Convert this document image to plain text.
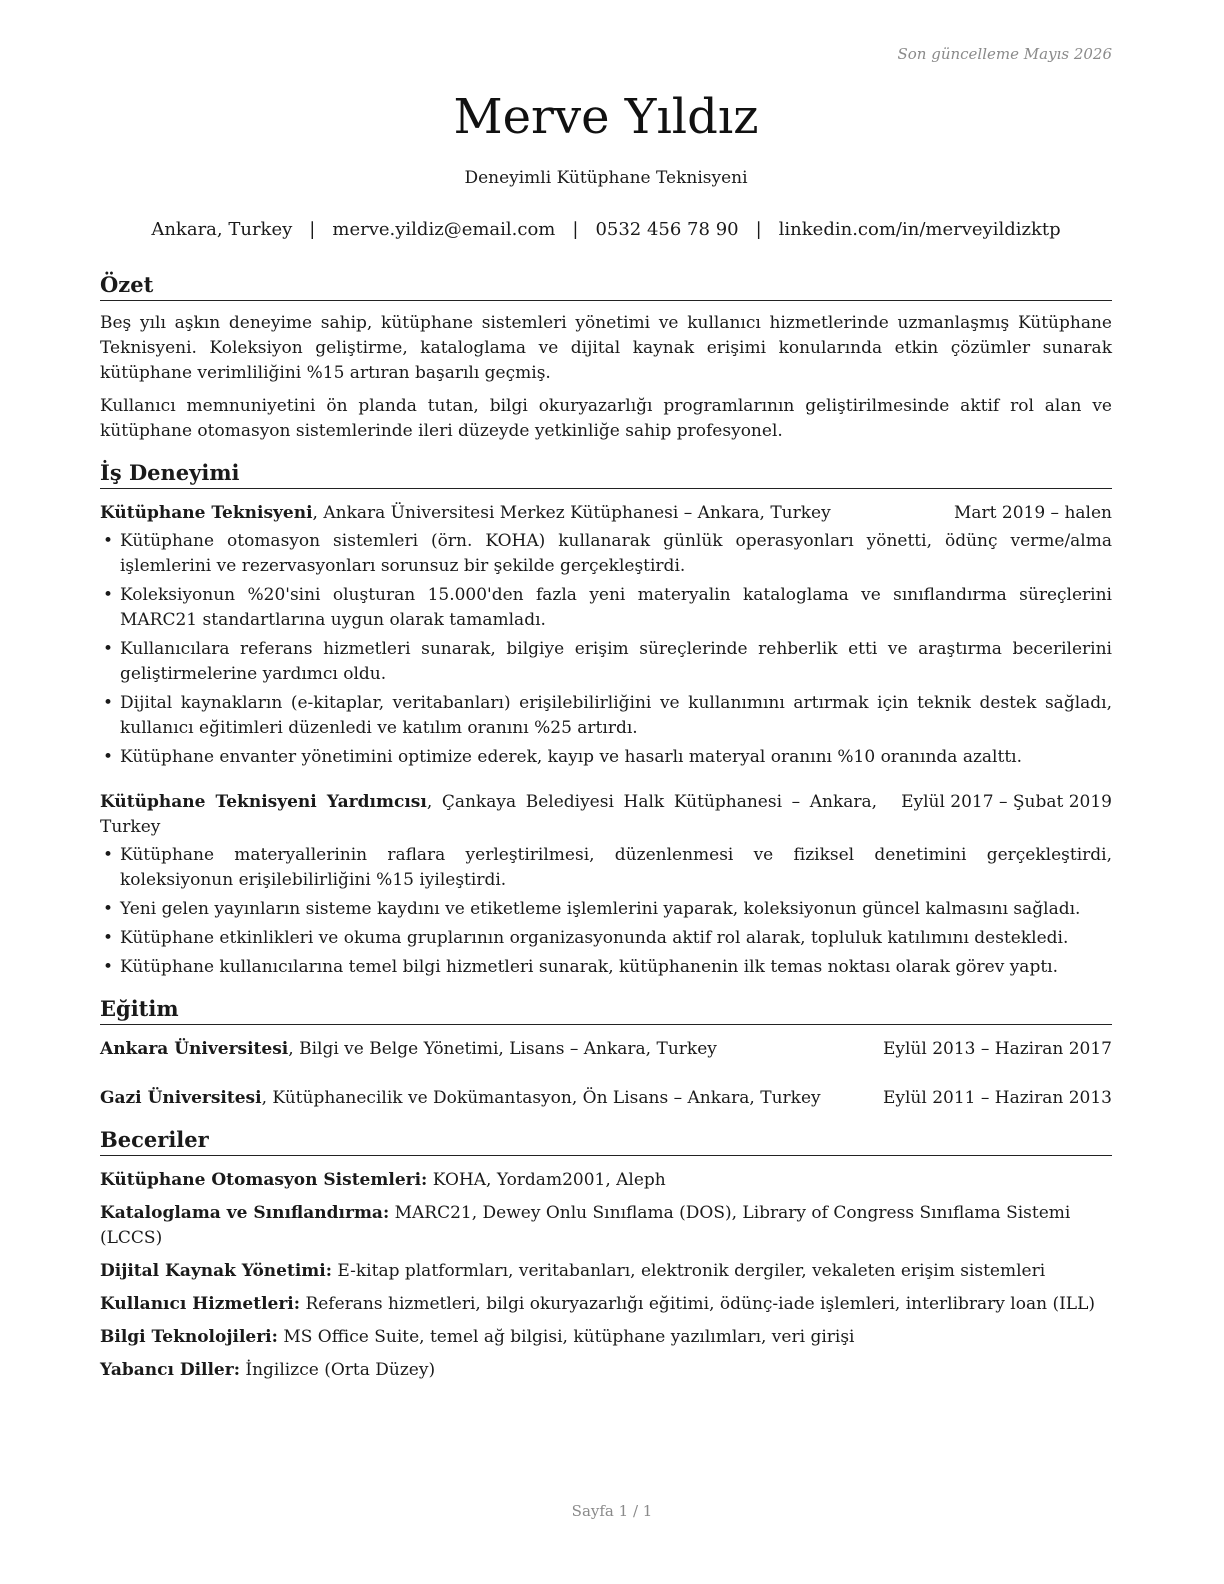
Son güncelleme Mayıs 2026
Merve Yıldız
Deneyimli Kütüphane Teknisyeni
Ankara, Turkey | merve.yildiz@email.com | 0532 456 78 90 | linkedin.com/in/merveyildizktp
Özet

Beş yılı aşkın deneyime sahip, kütüphane sistemleri yönetimi ve kullanıcı hizmetlerinde uzmanlaşmış Kütüphane Teknisyeni. Koleksiyon geliştirme, kataloglama ve dijital kaynak erişimi konularında etkin çözümler sunarak kütüphane verimliliğini %15 artıran başarılı geçmiş.

Kullanıcı memnuniyetini ön planda tutan, bilgi okuryazarlığı programlarının geliştirilmesinde aktif rol alan ve kütüphane otomasyon sistemlerinde ileri düzeyde yetkinliğe sahip profesyonel.

İş Deneyimi
Kütüphane Teknisyeni, Ankara Üniversitesi Merkez Kütüphanesi – Ankara, Turkey	Mart 2019 – halen
• Kütüphane otomasyon sistemleri (örn. KOHA) kullanarak günlük operasyonları yönetti, ödünç verme/alma işlemlerini ve rezervasyonları sorunsuz bir şekilde gerçekleştirdi.
• Koleksiyonun %20'sini oluşturan 15.000'den fazla yeni materyalin kataloglama ve sınıflandırma süreçlerini MARC21 standartlarına uygun olarak tamamladı.
• Kullanıcılara referans hizmetleri sunarak, bilgiye erişim süreçlerinde rehberlik etti ve araştırma becerilerini geliştirmelerine yardımcı oldu.
• Dijital kaynakların (e-kitaplar, veritabanları) erişilebilirliğini ve kullanımını artırmak için teknik destek sağladı, kullanıcı eğitimleri düzenledi ve katılım oranını %25 artırdı.
• Kütüphane envanter yönetimini optimize ederek, kayıp ve hasarlı materyal oranını %10 oranında azalttı.
Kütüphane Teknisyeni Yardımcısı, Çankaya Belediyesi Halk Kütüphanesi – Ankara, Turkey
Eylül 2017 – Şubat 2019
• Kütüphane materyallerinin raflara yerleştirilmesi, düzenlenmesi ve fiziksel denetimini gerçekleştirdi, koleksiyonun erişilebilirliğini %15 iyileştirdi.
• Yeni gelen yayınların sisteme kaydını ve etiketleme işlemlerini yaparak, koleksiyonun güncel kalmasını sağladı.
• Kütüphane etkinlikleri ve okuma gruplarının organizasyonunda aktif rol alarak, topluluk katılımını destekledi.
• Kütüphane kullanıcılarına temel bilgi hizmetleri sunarak, kütüphanenin ilk temas noktası olarak görev yaptı.
Eğitim
Ankara Üniversitesi, Bilgi ve Belge Yönetimi, Lisans – Ankara, Turkey	Eylül 2013 – Haziran 2017
Gazi Üniversitesi, Kütüphanecilik ve Dokümantasyon, Ön Lisans – Ankara, Turkey	Eylül 2011 – Haziran 2013
Beceriler
Kütüphane Otomasyon Sistemleri: KOHA, Yordam2001, Aleph
Kataloglama ve Sınıflandırma: MARC21, Dewey Onlu Sınıflama (DOS), Library of Congress Sınıflama Sistemi (LCCS)
Dijital Kaynak Yönetimi: E-kitap platformları, veritabanları, elektronik dergiler, vekaleten erişim sistemleri
Kullanıcı Hizmetleri: Referans hizmetleri, bilgi okuryazarlığı eğitimi, ödünç-iade işlemleri, interlibrary loan (ILL)
Bilgi Teknolojileri: MS Office Suite, temel ağ bilgisi, kütüphane yazılımları, veri girişi
Yabancı Diller: İngilizce (Orta Düzey)
Sayfa 1 / 1
